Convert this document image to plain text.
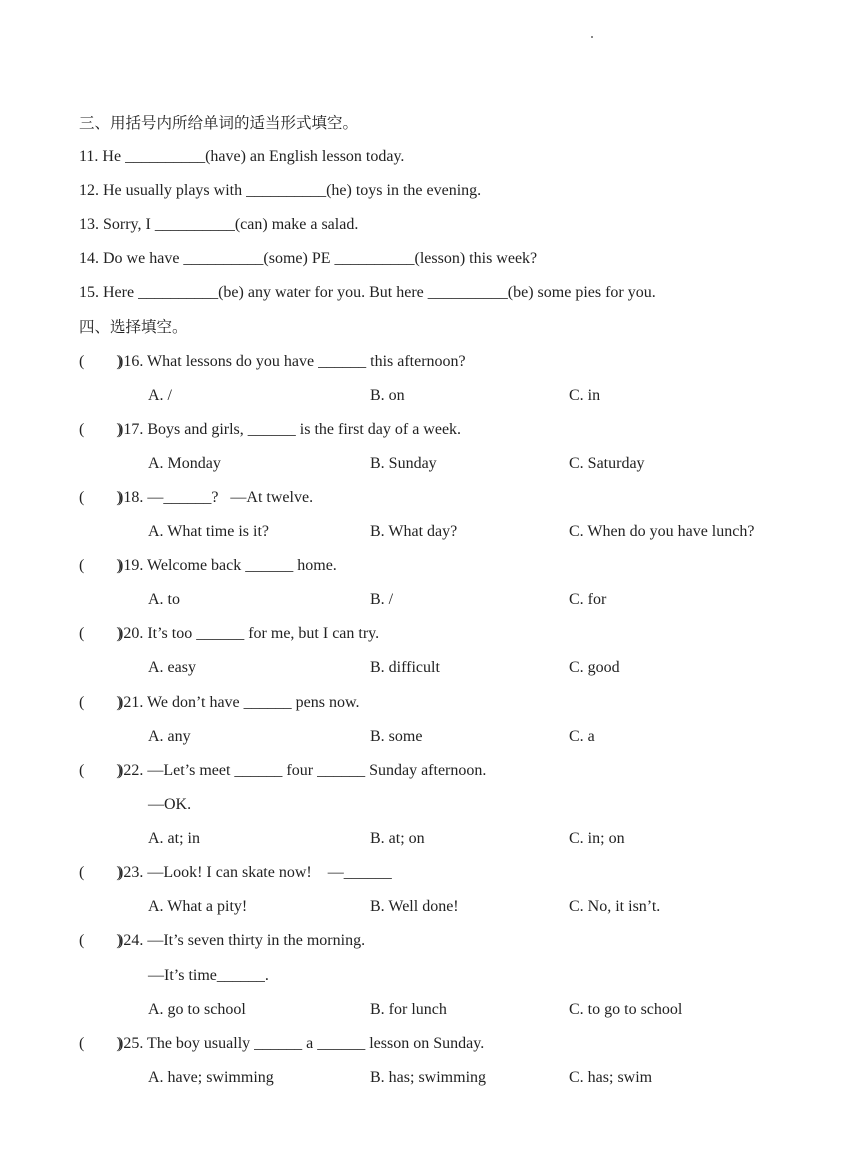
三、用括号内所给单词的适当形式填空。
11. He __________(have) an English lesson today.
12. He usually plays with __________(he) toys in the evening.
13. Sorry, I __________(can) make a salad.
14. Do we have __________(some) PE __________(lesson) this week?
15. Here __________(be) any water for you. But here __________(be) some pies for you.
四、选择填空。
(        )
)16. What lessons do you have ______ this afternoon?
A. /	B. on	C. in
(        )
)17. Boys and girls, ______ is the first day of a week.
A. Monday	B. Sunday	C. Saturday
(        )
)18. —______?   —At twelve.
A. What time is it?	B. What day?	C. When do you have lunch?
(        )
)19. Welcome back ______ home.
A. to	B. /	C. for
(        )
)20. It’s too ______ for me, but I can try.
A. easy	B. difficult	C. good
(        )
)21. We don’t have ______ pens now.
A. any	B. some	C. a
(        )
)22. —Let’s meet ______ four ______ Sunday afternoon.
—OK.
A. at; in	B. at; on	C. in; on
(        )
)23. —Look! I can skate now!    —______
A. What a pity!	B. Well done!	C. No, it isn’t.
(        )
)24. —It’s seven thirty in the morning.
—It’s time______.
A. go to school	B. for lunch	C. to go to school
(        )
)25. The boy usually ______ a ______ lesson on Sunday.
A. have; swimming	B. has; swimming	C. has; swim
